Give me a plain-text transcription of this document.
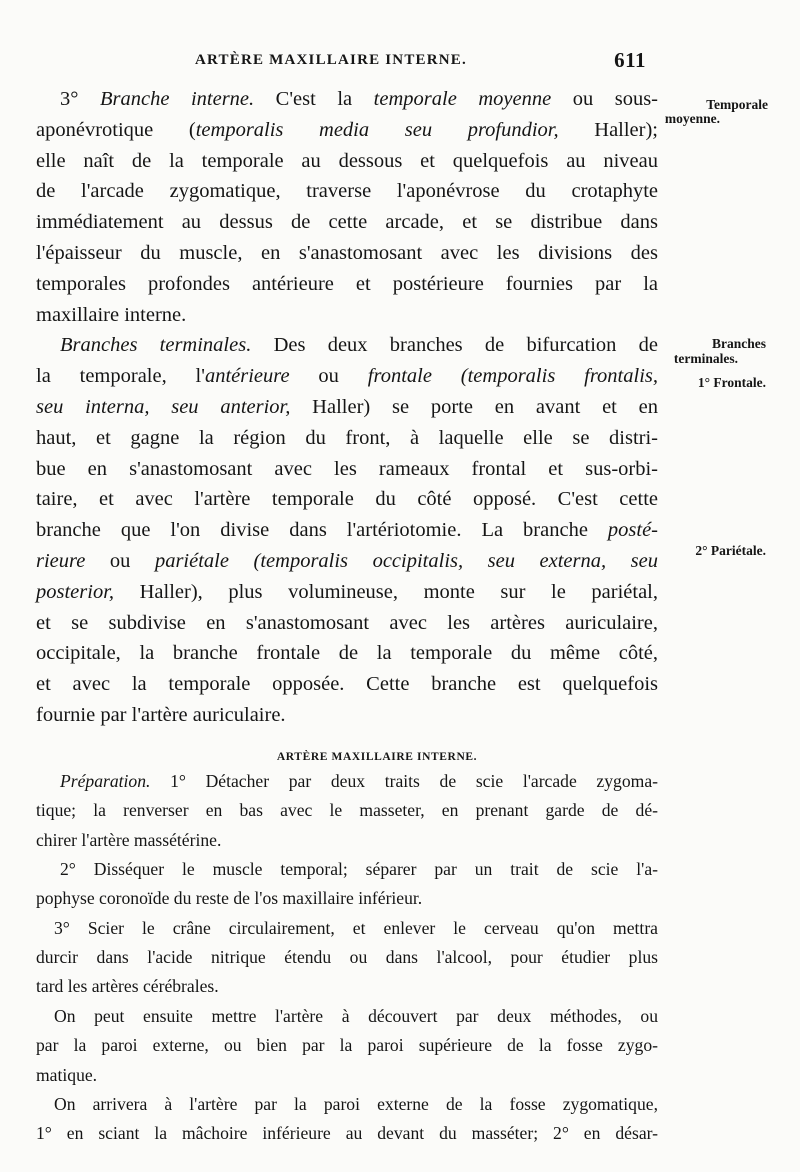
ARTÈRE MAXILLAIRE INTERNE.	611
Temporale
moyenne.
Branches
terminales.
1° Frontale.
2° Pariétale.
3° Branche interne. C'est la temporale moyenne ou sous-
aponévrotique (temporalis media seu profundior, Haller);
elle naît de la temporale au dessous et quelquefois au niveau
de l'arcade zygomatique, traverse l'aponévrose du crotaphyte
immédiatement au dessus de cette arcade, et se distribue dans
l'épaisseur du muscle, en s'anastomosant avec les divisions des
temporales profondes antérieure et postérieure fournies par la
maxillaire interne.
Branches terminales. Des deux branches de bifurcation de
la temporale, l'antérieure ou frontale (temporalis frontalis,
seu interna, seu anterior, Haller) se porte en avant et en
haut, et gagne la région du front, à laquelle elle se distri-
bue en s'anastomosant avec les rameaux frontal et sus-orbi-
taire, et avec l'artère temporale du côté opposé. C'est cette
branche que l'on divise dans l'artériotomie. La branche posté-
rieure ou pariétale (temporalis occipitalis, seu externa, seu
posterior, Haller), plus volumineuse, monte sur le pariétal,
et se subdivise en s'anastomosant avec les artères auriculaire,
occipitale, la branche frontale de la temporale du même côté,
et avec la temporale opposée. Cette branche est quelquefois
fournie par l'artère auriculaire.
ARTÈRE MAXILLAIRE INTERNE.
Préparation. 1° Détacher par deux traits de scie l'arcade zygoma-
tique; la renverser en bas avec le masseter, en prenant garde de dé-
chirer l'artère massétérine.
2° Disséquer le muscle temporal; séparer par un trait de scie l'a-
pophyse coronoïde du reste de l'os maxillaire inférieur.
3° Scier le crâne circulairement, et enlever le cerveau qu'on mettra
durcir dans l'acide nitrique étendu ou dans l'alcool, pour étudier plus
tard les artères cérébrales.
On peut ensuite mettre l'artère à découvert par deux méthodes, ou
par la paroi externe, ou bien par la paroi supérieure de la fosse zygo-
matique.
On arrivera à l'artère par la paroi externe de la fosse zygomatique,
1° en sciant la mâchoire inférieure au devant du masséter; 2° en désar-
